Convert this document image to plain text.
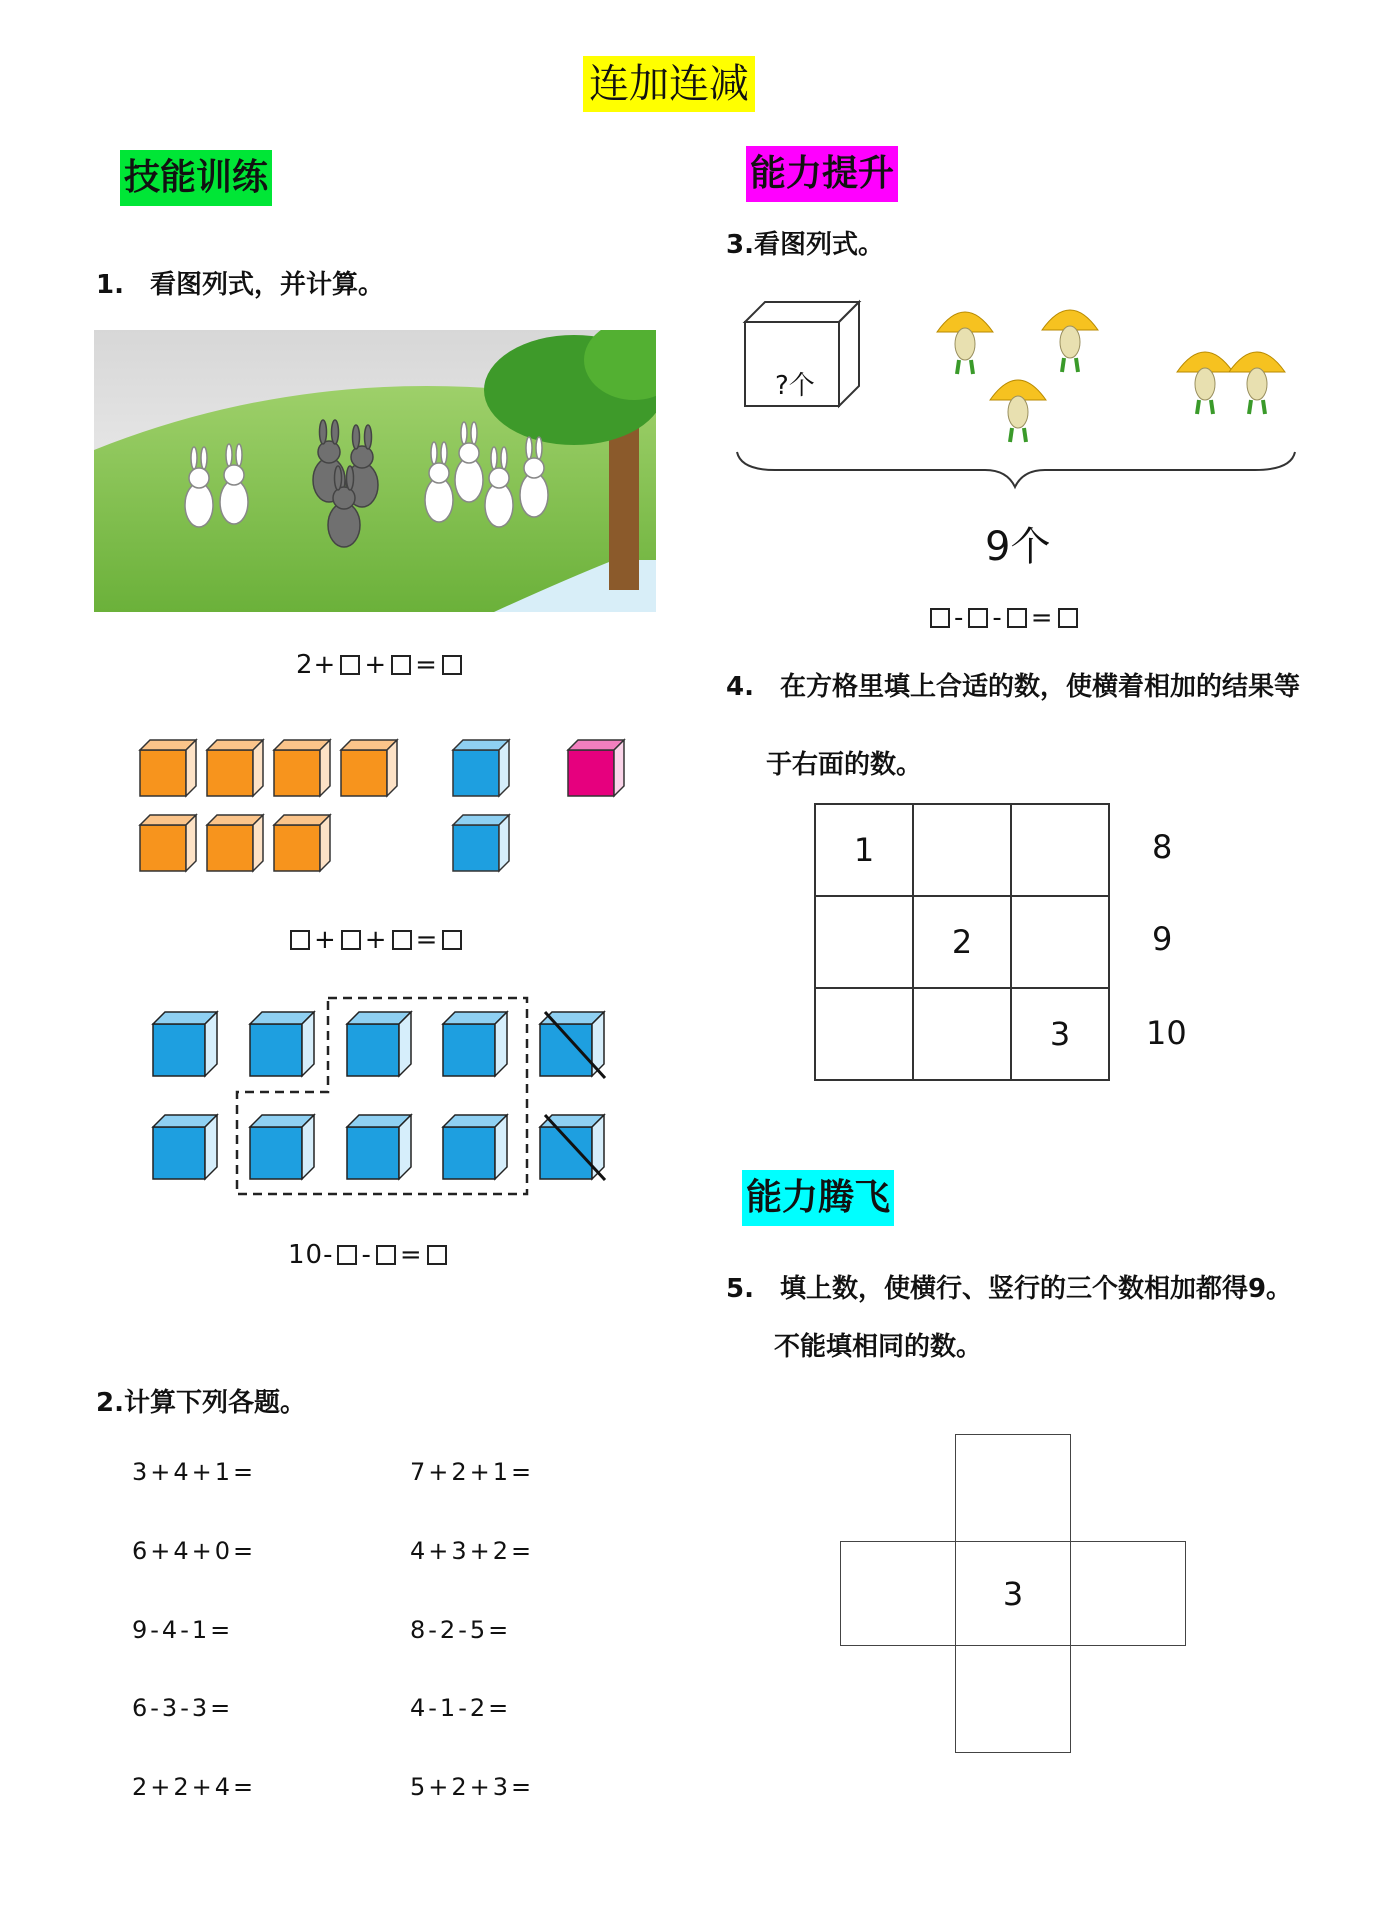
连加连减
技能训练	能力提升
能力腾飞
1.　看图列式，并计算。
2+ + =
+ + =
10- - =
2.计算下列各题。
3+4+1=
6+4+0=
9-4-1=
6-3-3=
2+2+4=
7+2+1=
4+3+2=
8-2-5=
4-1-2=
5+2+3=
3.看图列式。
?个
9个
- - =
4.　在方格里填上合适的数，使横着相加的结果等
于右面的数。
1
2
3
8
9
10
5.　填上数，使横行、竖行的三个数相加都得9。
不能填相同的数。
3
